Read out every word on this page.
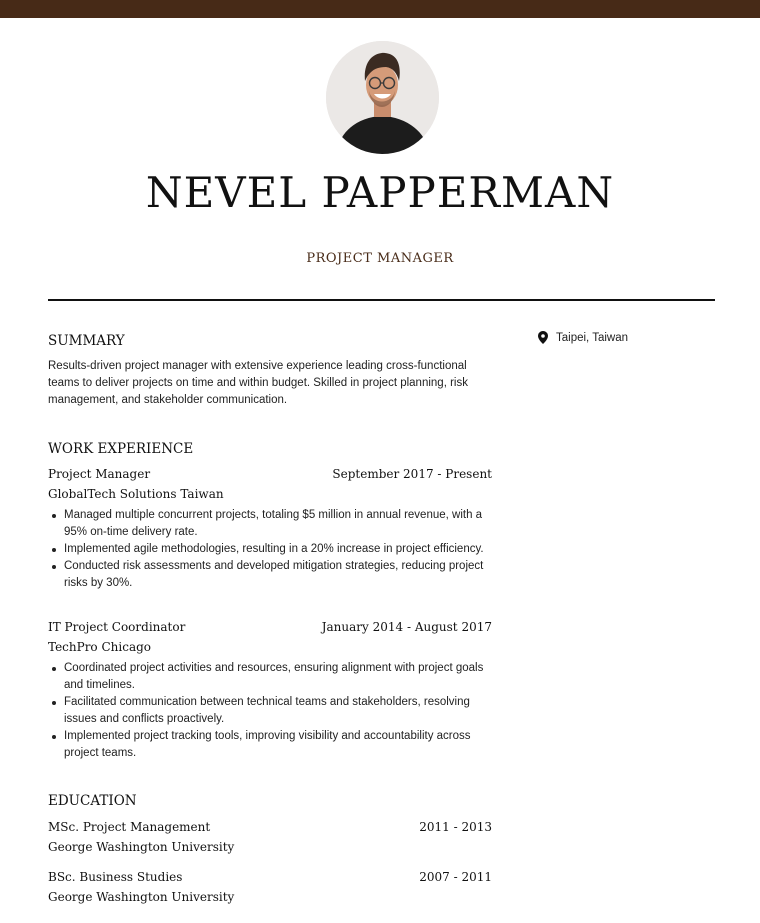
NEVEL PAPPERMAN
PROJECT MANAGER
Taipei, Taiwan
SUMMARY
Results-driven project manager with extensive experience leading cross-functional teams to deliver projects on time and within budget. Skilled in project planning, risk management, and stakeholder communication.
WORK EXPERIENCE
Project Manager	September 2017 - Present
GlobalTech Solutions Taiwan
Managed multiple concurrent projects, totaling $5 million in annual revenue, with a 95% on-time delivery rate.
Implemented agile methodologies, resulting in a 20% increase in project efficiency.
Conducted risk assessments and developed mitigation strategies, reducing project risks by 30%.
IT Project Coordinator	January 2014 - August 2017
TechPro Chicago
Coordinated project activities and resources, ensuring alignment with project goals and timelines.
Facilitated communication between technical teams and stakeholders, resolving issues and conflicts proactively.
Implemented project tracking tools, improving visibility and accountability across project teams.
EDUCATION
MSc. Project Management	2011 - 2013
George Washington University
BSc. Business Studies	2007 - 2011
George Washington University
